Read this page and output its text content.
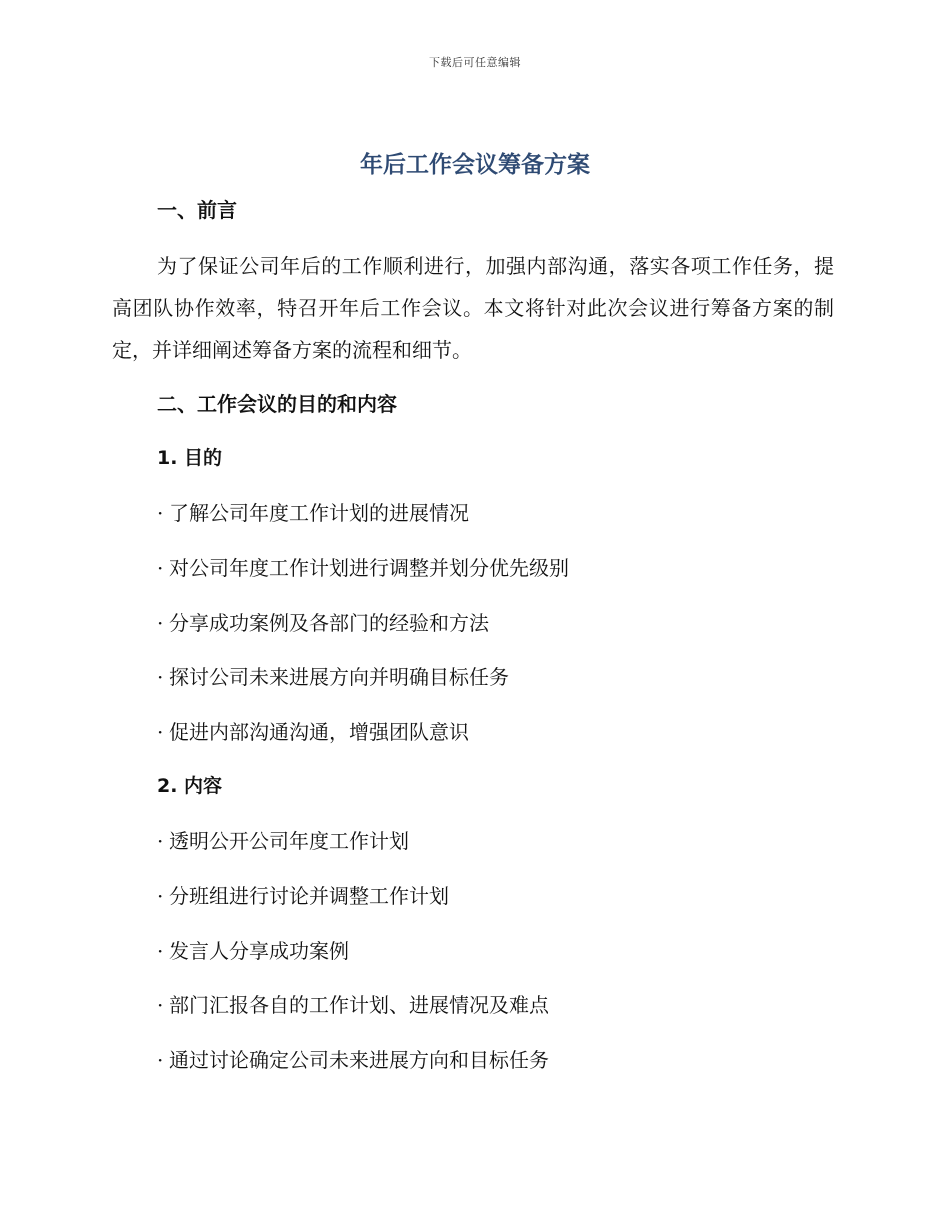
下载后可任意编辑
年后工作会议筹备方案
一、前言

为了保证公司年后的工作顺利进行，加强内部沟通，落实各项工作任务，提高团队协作效率，特召开年后工作会议。本文将针对此次会议进行筹备方案的制定，并详细阐述筹备方案的流程和细节。

二、工作会议的目的和内容
1. 目的
· 了解公司年度工作计划的进展情况
· 对公司年度工作计划进行调整并划分优先级别
· 分享成功案例及各部门的经验和方法
· 探讨公司未来进展方向并明确目标任务
· 促进内部沟通沟通，增强团队意识
2. 内容
· 透明公开公司年度工作计划
· 分班组进行讨论并调整工作计划
· 发言人分享成功案例
· 部门汇报各自的工作计划、进展情况及难点
· 通过讨论确定公司未来进展方向和目标任务
